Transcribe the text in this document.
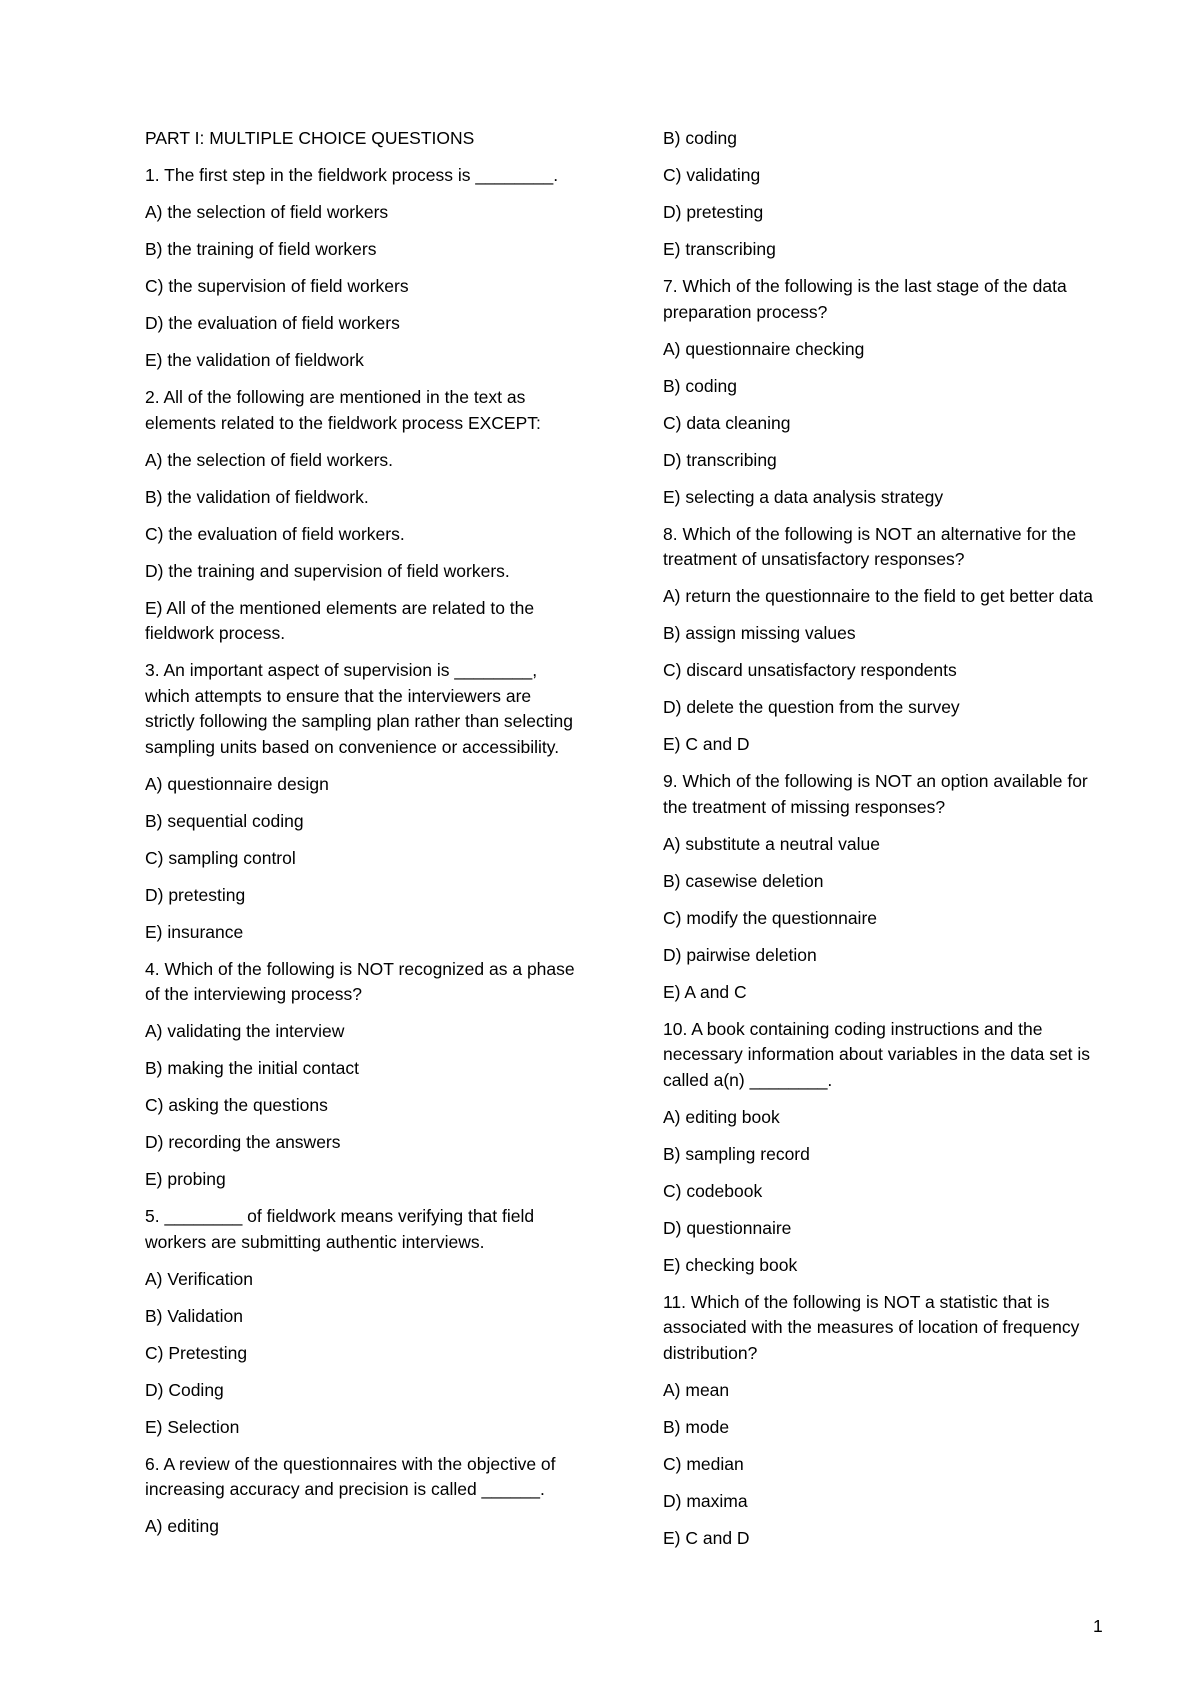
PART I: MULTIPLE CHOICE QUESTIONS
1. The first step in the fieldwork process is ________.
A) the selection of field workers
B) the training of field workers
C) the supervision of field workers
D) the evaluation of field workers
E) the validation of fieldwork
2. All of the following are mentioned in the text as elements related to the fieldwork process EXCEPT:
A) the selection of field workers.
B) the validation of fieldwork.
C) the evaluation of field workers.
D) the training and supervision of field workers.
E) All of the mentioned elements are related to the fieldwork process.
3. An important aspect of supervision is ________, which attempts to ensure that the interviewers are strictly following the sampling plan rather than selecting sampling units based on convenience or accessibility.
A) questionnaire design
B) sequential coding
C) sampling control
D) pretesting
E) insurance
4. Which of the following is NOT recognized as a phase of the interviewing process?
A) validating the interview
B) making the initial contact
C) asking the questions
D) recording the answers
E) probing
5. ________ of fieldwork means verifying that field workers are submitting authentic interviews.
A) Verification
B) Validation
C) Pretesting
D) Coding
E) Selection
6. A review of the questionnaires with the objective of increasing accuracy and precision is called ______.
A) editing
B) coding
C) validating
D) pretesting
E) transcribing
7. Which of the following is the last stage of the data preparation process?
A) questionnaire checking
B) coding
C) data cleaning
D) transcribing
E) selecting a data analysis strategy
8. Which of the following is NOT an alternative for the treatment of unsatisfactory responses?
A) return the questionnaire to the field to get better data
B) assign missing values
C) discard unsatisfactory respondents
D) delete the question from the survey
E) C and D
9. Which of the following is NOT an option available for the treatment of missing responses?
A) substitute a neutral value
B) casewise deletion
C) modify the questionnaire
D) pairwise deletion
E) A and C
10. A book containing coding instructions and the necessary information about variables in the data set is called a(n) ________.
A) editing book
B) sampling record
C) codebook
D) questionnaire
E) checking book
11. Which of the following is NOT a statistic that is associated with the measures of location of frequency distribution?
A) mean
B) mode
C) median
D) maxima
E) C and D
1
